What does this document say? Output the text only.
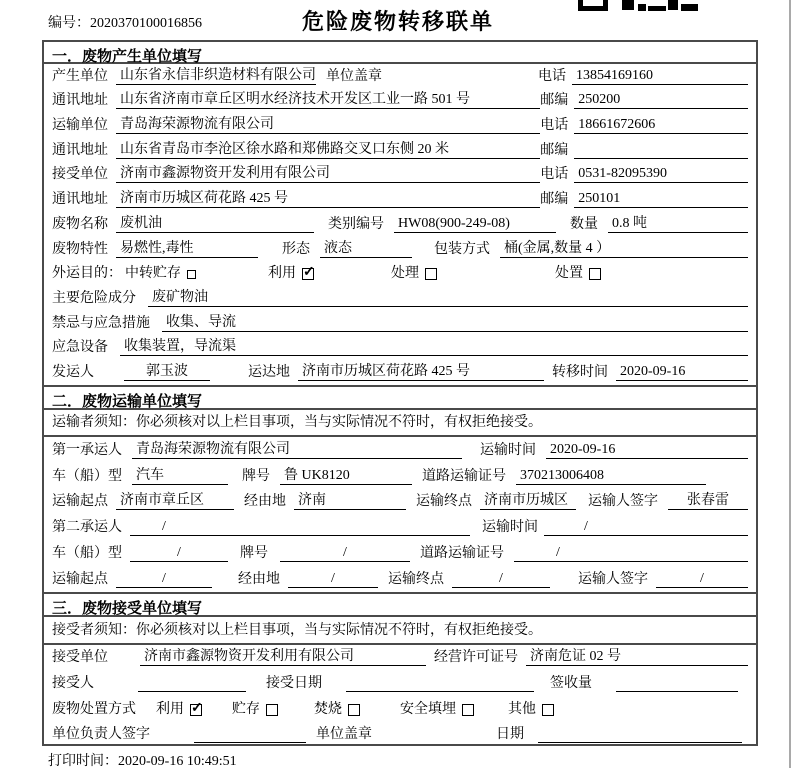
编号：2020370100016856	危险废物转移联单
一．废物产生单位填写
产生单位 山东省永信非织造材料有限公司 单位盖章	电话 13854169160
通讯地址 山东省济南市章丘区明水经济技术开发区工业一路 501 号	邮编 250200
运输单位 青岛海荣源物流有限公司	电话 18661672606
通讯地址 山东省青岛市李沧区徐水路和郑佛路交叉口东侧 20 米	邮编
接受单位 济南市鑫源物资开发利用有限公司	电话 0531-82095390
通讯地址 济南市历城区荷花路 425 号	邮编 250101
废物名称 废机油	类别编号 HW08(900-249-08)	数量 0.8 吨
废物特性 易燃性,毒性	形态 液态	包装方式 桶(金属,数量 4 ）
外运目的： 中转贮存	利用 ✓	处理	处置
主要危险成分 废矿物油
禁忌与应急措施 收集、导流
应急设备 收集装置，导流渠
发运人	郭玉波	运达地 济南市历城区荷花路 425 号	转移时间 2020-09-16
二．废物运输单位填写
运输者须知：你必须核对以上栏目事项，当与实际情况不符时，有权拒绝接受。
第一承运人 青岛海荣源物流有限公司	运输时间 2020-09-16
车（船）型 汽车	牌号 鲁 UK8120	道路运输证号 370213006408
运输起点 济南市章丘区	经由地 济南	运输终点 济南市历城区	运输人签字	张春雷
第二承运人	/	运输时间	/
车（船）型	/	牌号	/	道路运输证号	/
运输起点	/	经由地	/	运输终点	/	运输人签字	/
三．废物接受单位填写
接受者须知：你必须核对以上栏目事项，当与实际情况不符时，有权拒绝接受。
接受单位	济南市鑫源物资开发利用有限公司	经营许可证号 济南危证 02 号
接受人	接受日期	签收量
废物处置方式 利用 ✓	贮存	焚烧	安全填埋	其他
单位负责人签字	单位盖章	日期
打印时间：2020-09-16 10:49:51
